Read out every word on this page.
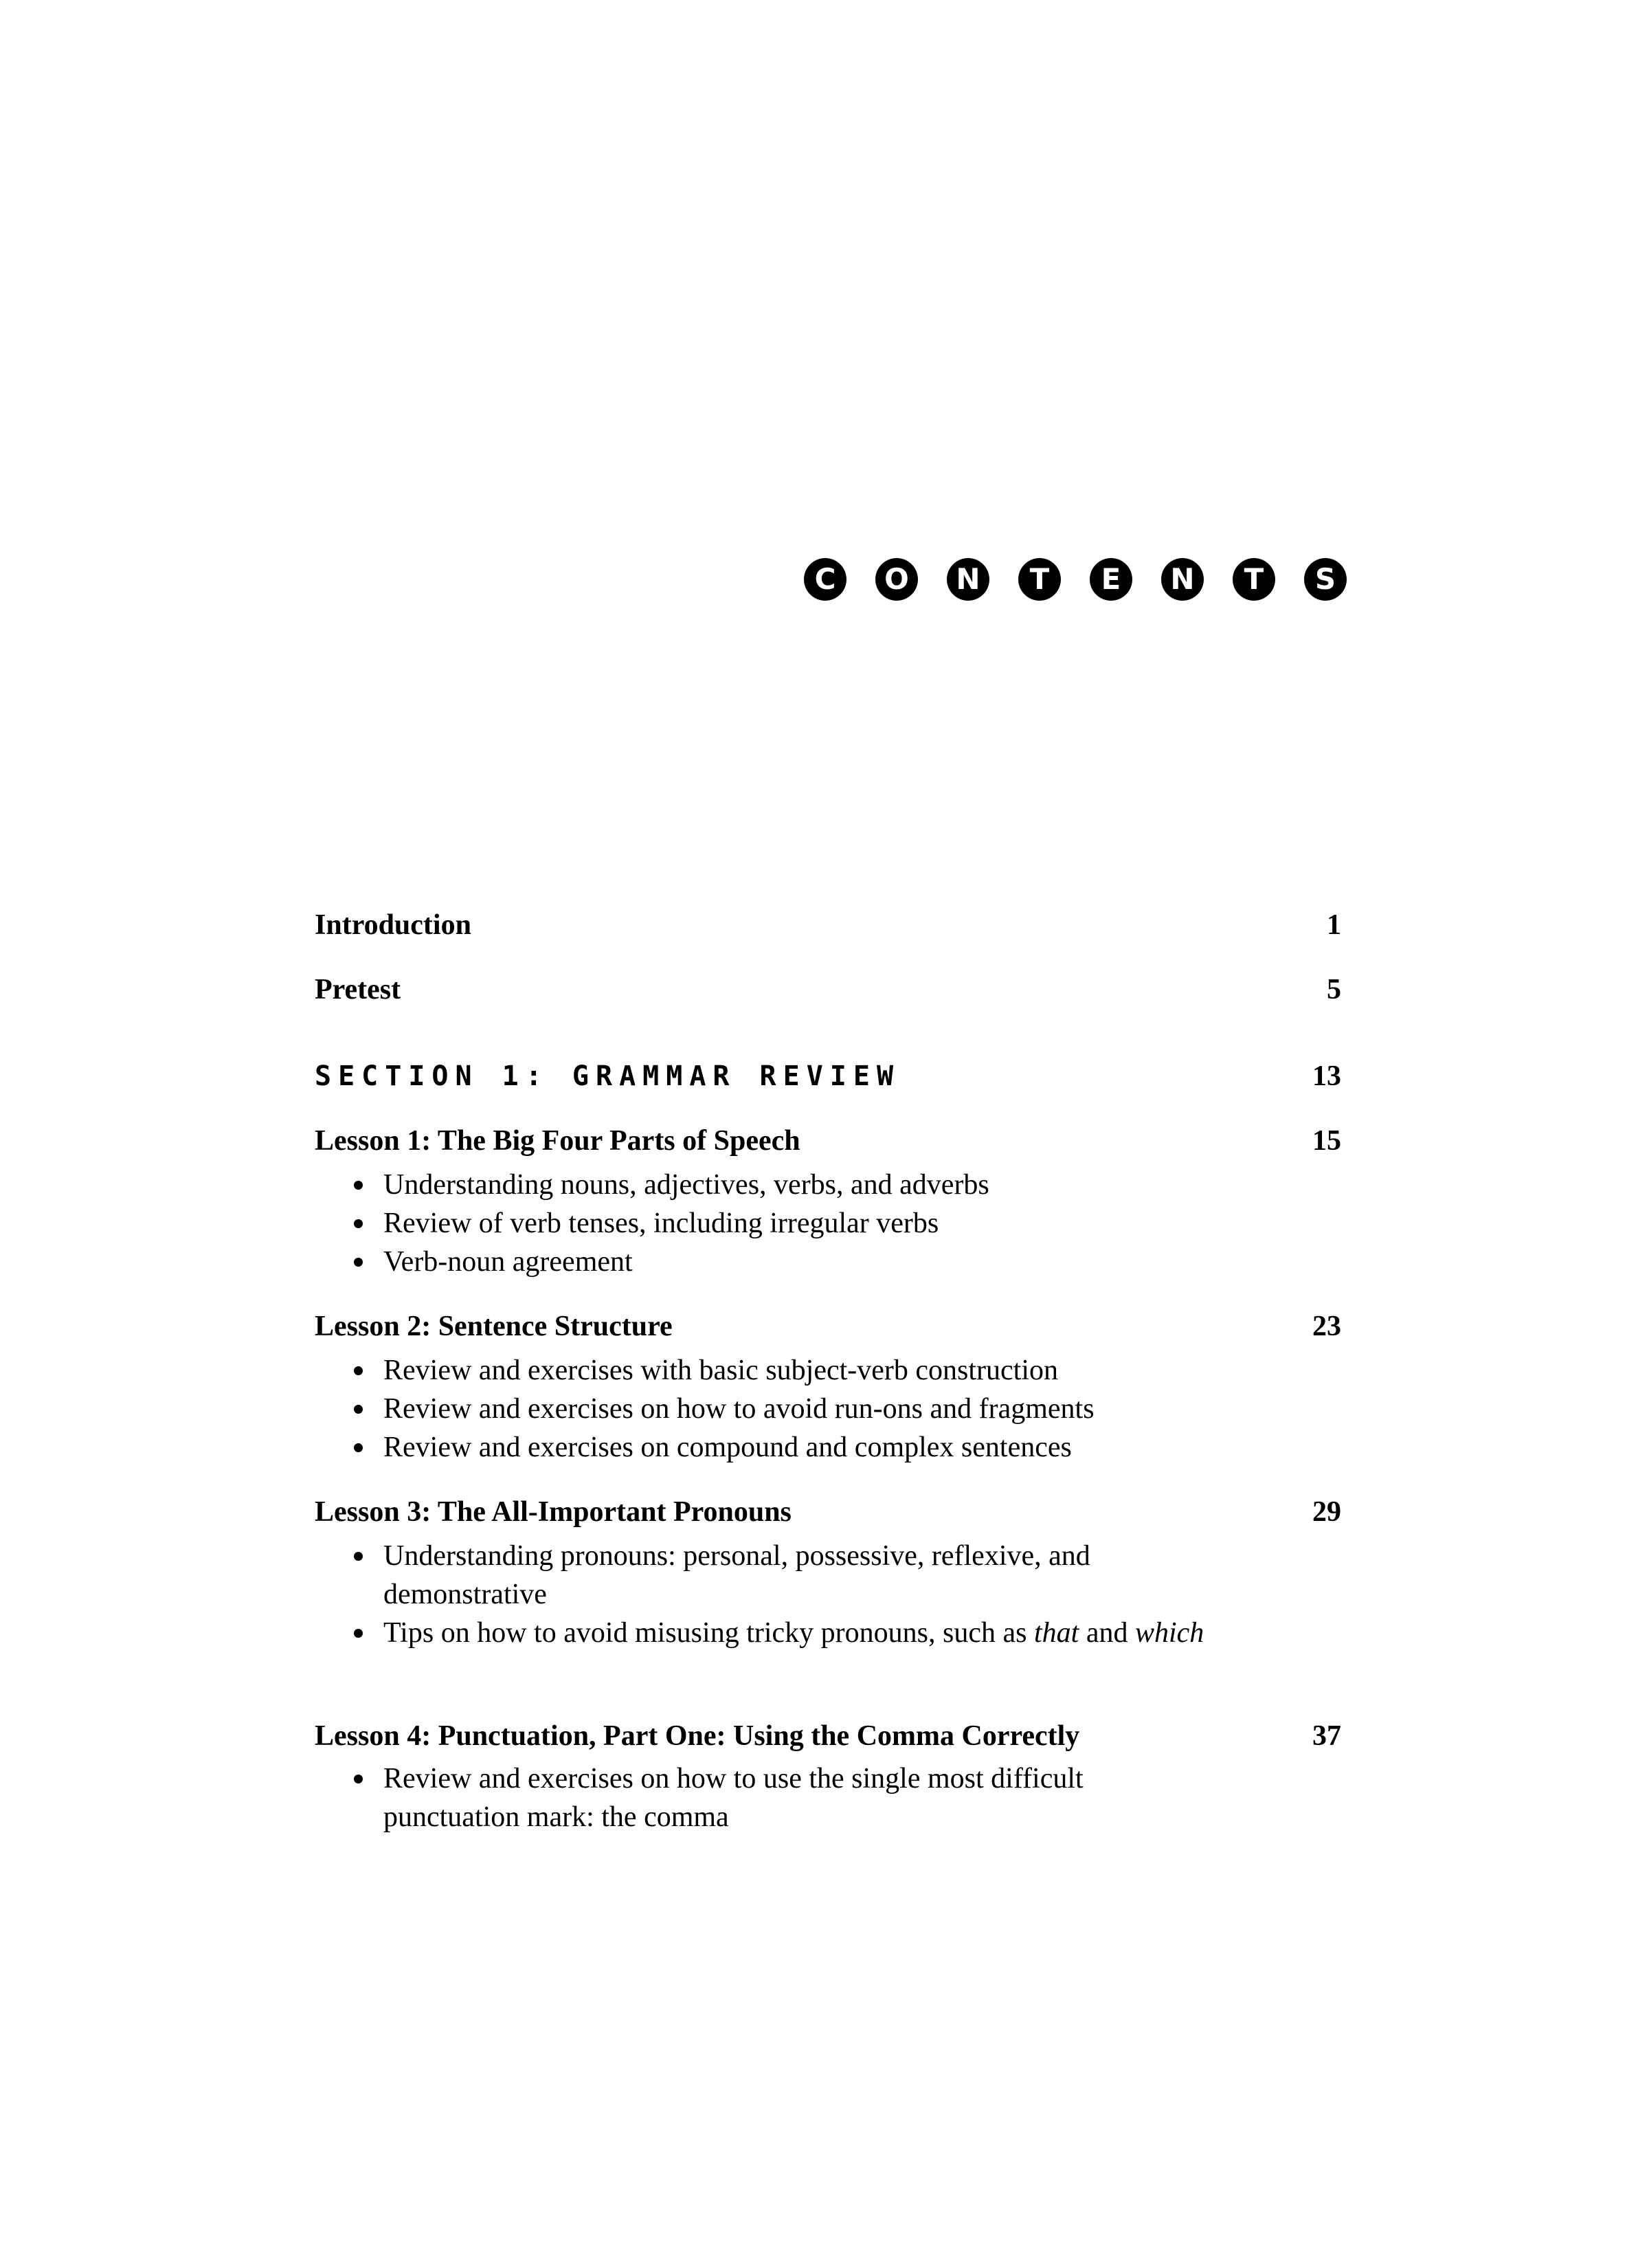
C	O	N	T	E	N	T	S
Introduction	1
Pretest	5
SECTION 1: GRAMMAR REVIEW	13
Lesson 1: The Big Four Parts of Speech	15
Understanding nouns, adjectives, verbs, and adverbs
Review of verb tenses, including irregular verbs
Verb-noun agreement
Lesson 2: Sentence Structure	23
Review and exercises with basic subject-verb construction
Review and exercises on how to avoid run-ons and fragments
Review and exercises on compound and complex sentences
Lesson 3: The All-Important Pronouns	29
Understanding pronouns: personal, possessive, reflexive, and demonstrative
Tips on how to avoid misusing tricky pronouns, such as that and which
Lesson 4: Punctuation, Part One: Using the Comma Correctly	37
Review and exercises on how to use the single most difficult punctuation mark: the comma
